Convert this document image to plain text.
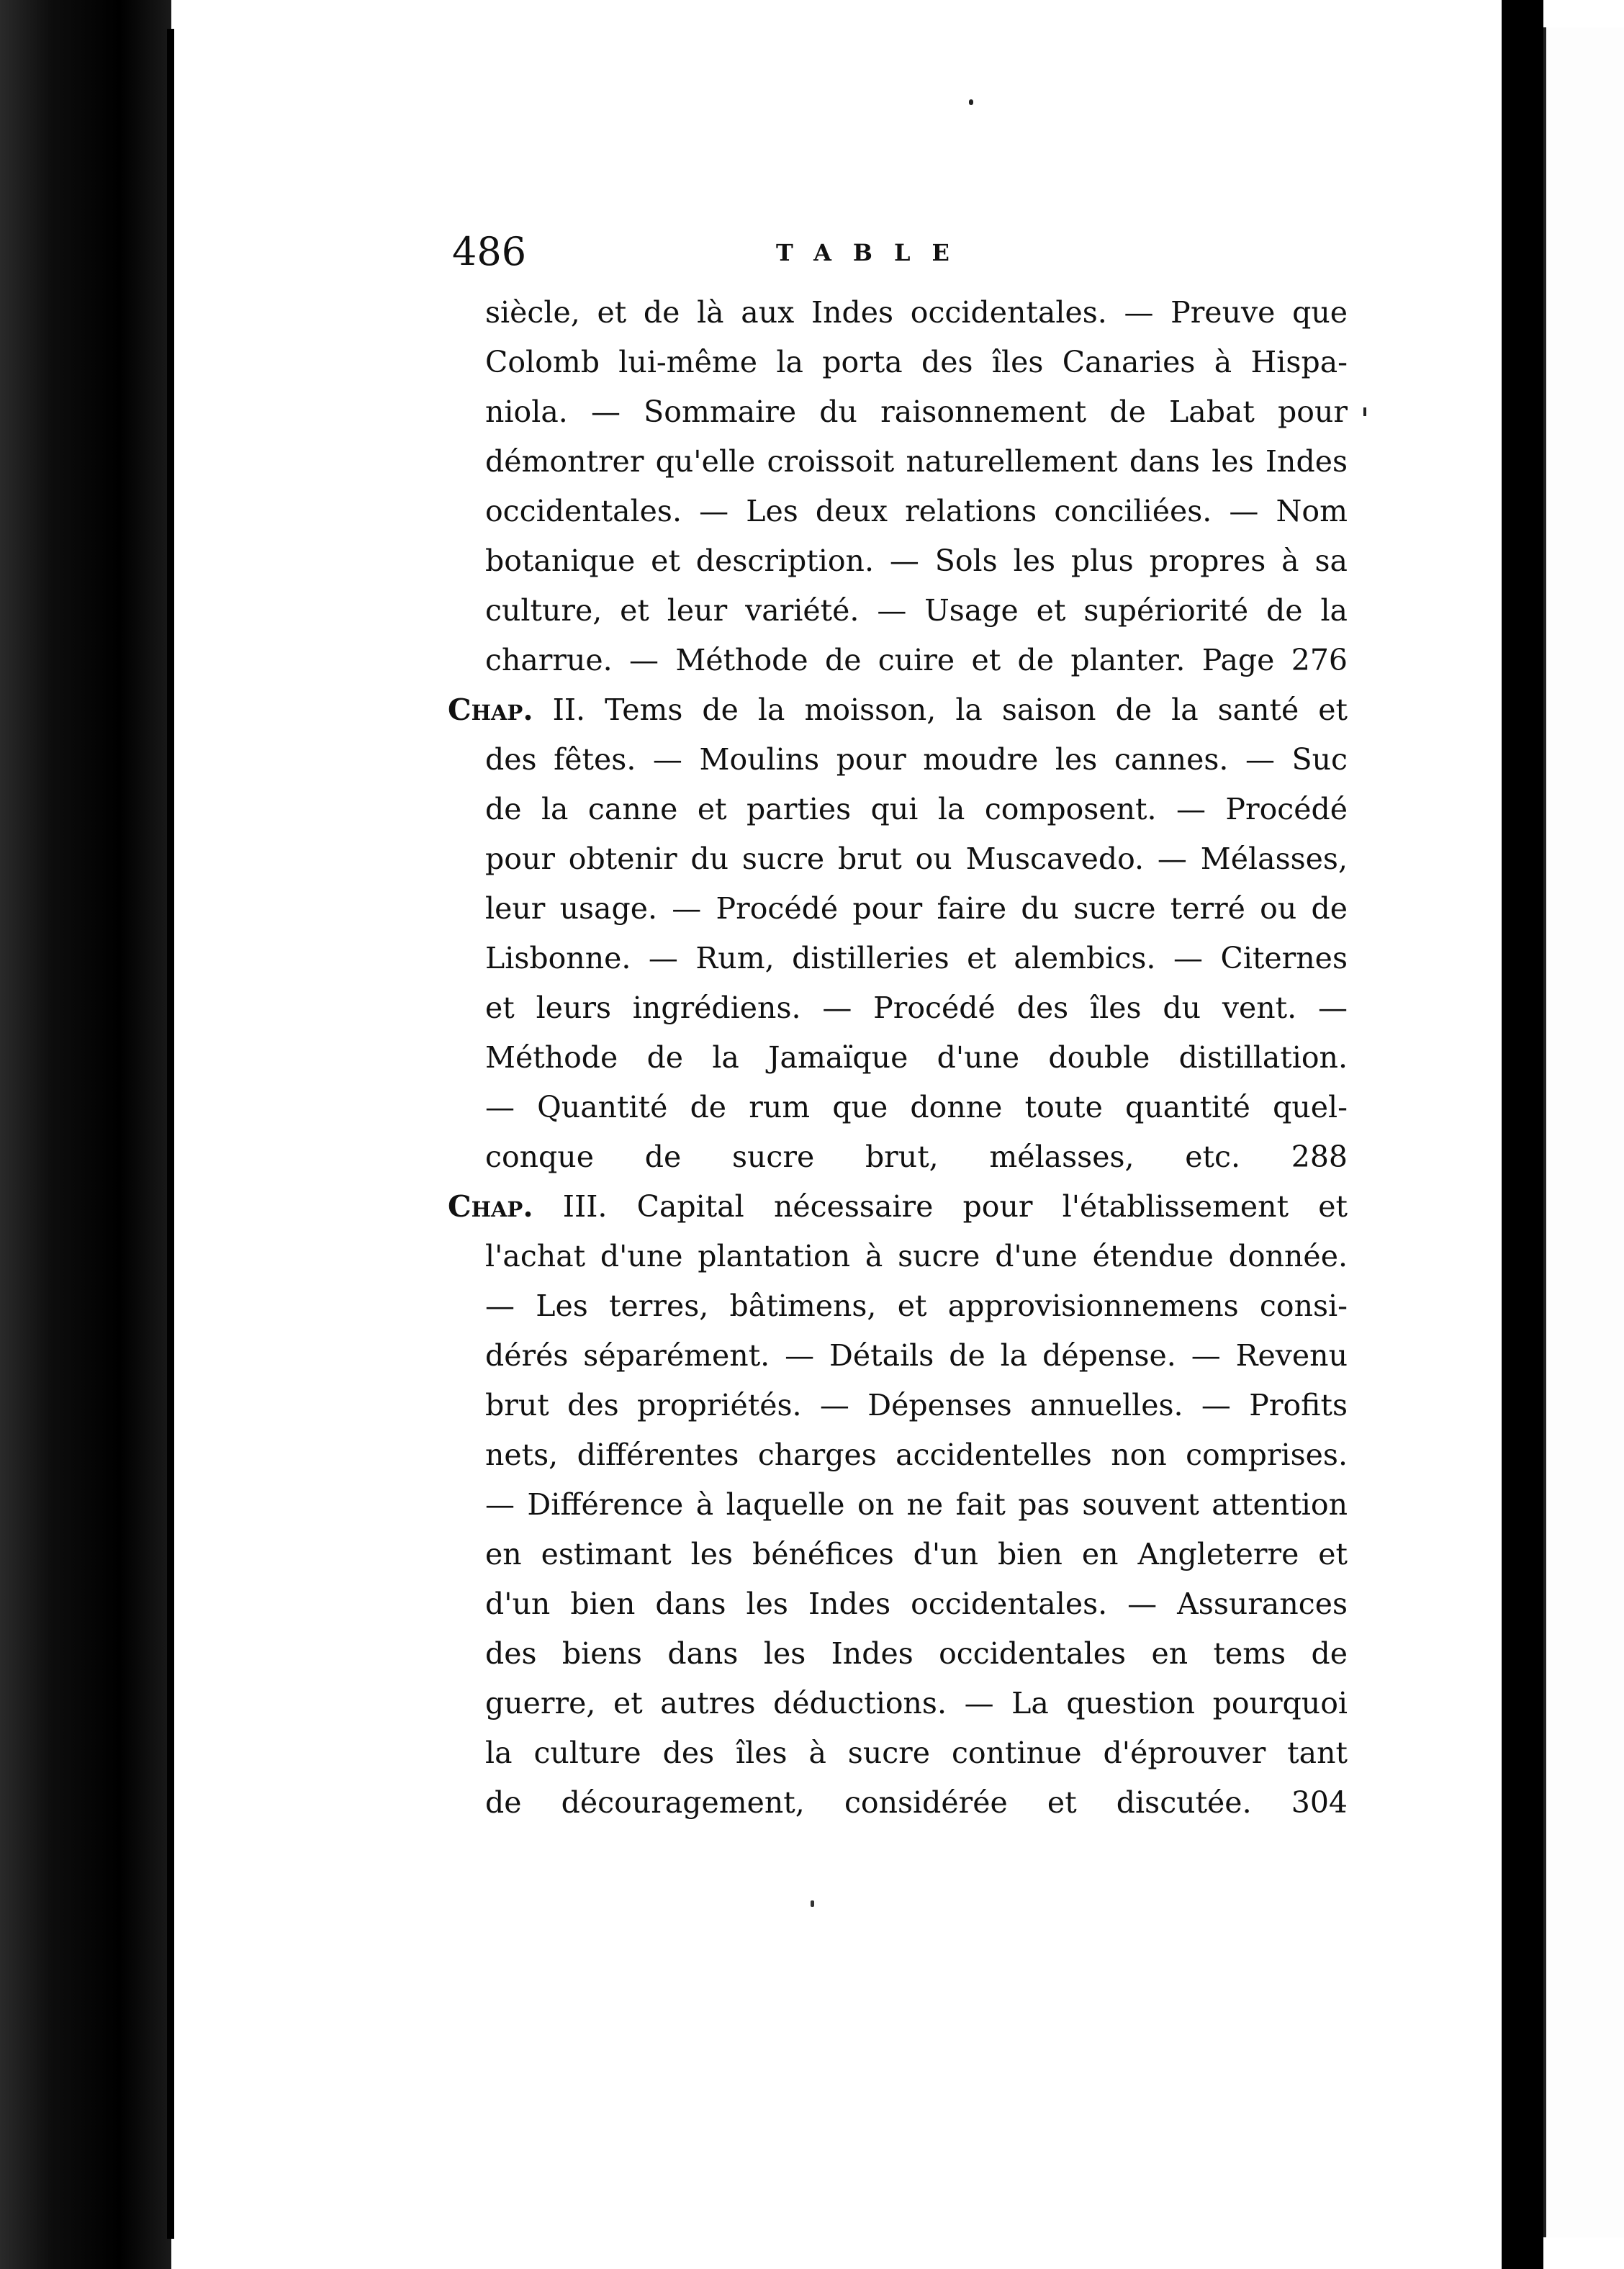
486	TABLE
siècle, et de là aux Indes occidentales. — Preuve que
Colomb lui-même la porta des îles Canaries à Hispa-
niola. — Sommaire du raisonnement de Labat pour
démontrer qu'elle croissoit naturellement dans les Indes
occidentales. — Les deux relations conciliées. — Nom
botanique et description. — Sols les plus propres à sa
culture, et leur variété. — Usage et supériorité de la
charrue. — Méthode de cuire et de planter. Page 276
Chap. II. Tems de la moisson, la saison de la santé et
des fêtes. — Moulins pour moudre les cannes. — Suc
de la canne et parties qui la composent. — Procédé
pour obtenir du sucre brut ou Muscavedo. — Mélasses,
leur usage. — Procédé pour faire du sucre terré ou de
Lisbonne. — Rum, distilleries et alembics. — Citernes
et leurs ingrédiens. — Procédé des îles du vent. —
Méthode de la Jamaïque d'une double distillation.
— Quantité de rum que donne toute quantité quel-
conque de sucre brut, mélasses, etc. 288
Chap. III. Capital nécessaire pour l'établissement et
l'achat d'une plantation à sucre d'une étendue donnée.
— Les terres, bâtimens, et approvisionnemens consi-
dérés séparément. — Détails de la dépense. — Revenu
brut des propriétés. — Dépenses annuelles. — Profits
nets, différentes charges accidentelles non comprises.
— Différence à laquelle on ne fait pas souvent attention
en estimant les bénéfices d'un bien en Angleterre et
d'un bien dans les Indes occidentales. — Assurances
des biens dans les Indes occidentales en tems de
guerre, et autres déductions. — La question pourquoi
la culture des îles à sucre continue d'éprouver tant
de découragement, considérée et discutée. 304
